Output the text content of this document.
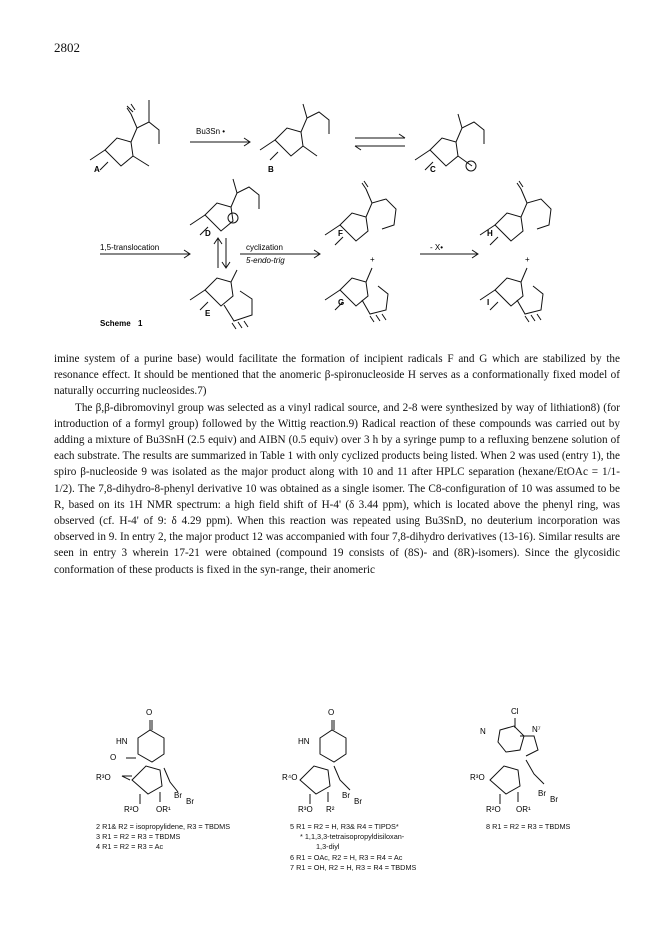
2802
Bu3Sn •
1,5-translocation	cyclization
5-endo-trig
- X•
+	+
A	B	C
D
E
F
G
H
I
Scheme 1

imine system of a purine base) would facilitate the formation of incipient radicals F and G which are stabilized by the resonance effect. It should be mentioned that the anomeric β-spironucleoside H serves as a conformationally fixed model of naturally occurring nucleosides.7)

The β,β-dibromovinyl group was selected as a vinyl radical source, and 2-8 were synthesized by way of lithiation8) (for introduction of a formyl group) followed by the Wittig reaction.9) Radical reaction of these compounds was carried out by adding a mixture of Bu3SnH (2.5 equiv) and AIBN (0.5 equiv) over 3 h by a syringe pump to a refluxing benzene solution of each substrate. The results are summarized in Table 1 with only cyclized products being listed. When 2 was used (entry 1), the spiro β-nucleoside 9 was isolated as the major product along with 10 and 11 after HPLC separation (hexane/EtOAc = 1/1-1/2). The 7,8-dihydro-8-phenyl derivative 10 was obtained as a single isomer. The C8-configuration of 10 was assumed to be R, based on its 1H NMR spectrum: a high field shift of H-4' (δ 3.44 ppm), which is located above the phenyl ring, was observed (cf. H-4' of 9: δ 4.29 ppm). When this reaction was repeated using Bu3SnD, no deuterium incorporation was observed in 9. In entry 2, the major product 12 was accompanied with four 7,8-dihydro derivatives (13-16). Similar results are seen in entry 3 wherein 17-21 were obtained (compound 19 consists of (8S)- and (8R)-isomers). Since the glycosidic conformation of these products is fixed in the syn-range, their anomeric

O
HN
O
R³O
Br
Br
R²O OR¹
O
HN
R⁴O
Br
Br
R³O R²
Cl
N	N⁷
R³O
Br
Br
R²O OR¹
2 R1& R2 = isopropylidene, R3 = TBDMS
3 R1 = R2 = R3 = TBDMS
4 R1 = R2 = R3 = Ac
5 R1 = R2 = H, R3& R4 = TIPDS*
* 1,1,3,3-tetraisopropyldisiloxan-
1,3-diyl
6 R1 = OAc, R2 = H, R3 = R4 = Ac
7 R1 = OH, R2 = H, R3 = R4 = TBDMS
8 R1 = R2 = R3 = TBDMS
